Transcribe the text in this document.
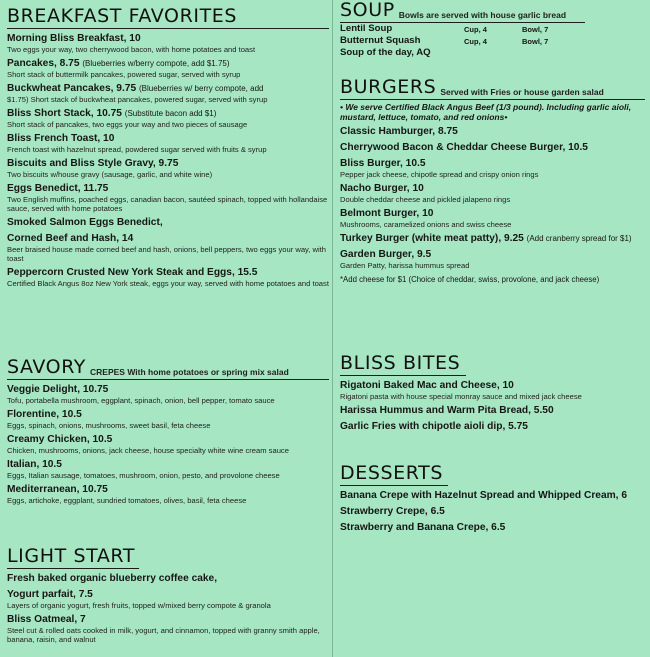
BREAKFAST FAVORITES
Morning Bliss Breakfast, 10
Two eggs your way, two cherrywood bacon, with home potatoes and toast
Pancakes, 8.75 (Blueberries w/berry compote, add $1.75)
Short stack of buttermilk pancakes, powered sugar, served with syrup
Buckwheat Pancakes, 9.75 (Blueberries w/ berry compote, add
$1.75) Short stack of buckwheat pancakes, powered sugar, served with syrup
Bliss Short Stack, 10.75 (Substitute bacon add $1)
Short stack of pancakes, two eggs your way and two pieces of sausage
Bliss French Toast, 10
French toast with hazelnut spread, powdered sugar served with fruits & syrup
Biscuits and Bliss Style Gravy, 9.75
Two biscuits w/house gravy (sausage, garlic, and white wine)
Eggs Benedict, 11.75
Two English muffins, poached eggs, canadian bacon, sautéed spinach, topped with hollandaise sauce, served with home potatoes
Smoked Salmon Eggs Benedict,
Corned Beef and Hash, 14
Beer braised house made corned beef and hash, onions, bell peppers, two eggs your way, with toast
Peppercorn Crusted New York Steak and Eggs, 15.5
Certified Black Angus 8oz New York steak, eggs your way, served with home potatoes and toast
SAVORY CREPES With home potatoes or spring mix salad
Veggie Delight, 10.75
Tofu, portabella mushroom, eggplant, spinach, onion, bell pepper, tomato sauce
Florentine, 10.5
Eggs, spinach, onions, mushrooms, sweet basil, feta cheese
Creamy Chicken, 10.5
Chicken, mushrooms, onions, jack cheese, house specialty white wine cream sauce
Italian, 10.5
Eggs, Italian sausage, tomatoes, mushroom, onion, pesto, and provolone cheese
Mediterranean, 10.75
Eggs, artichoke, eggplant, sundried tomatoes, olives, basil, feta cheese
LIGHT START
Fresh baked organic blueberry coffee cake,
Yogurt parfait, 7.5
Layers of organic yogurt, fresh fruits, topped w/mixed berry compote & granola
Bliss Oatmeal, 7
Steel cut & rolled oats cooked in milk, yogurt, and cinnamon, topped with granny smith apple, banana, raisin, and walnut
SOUP Bowls are served with house garlic bread
Lentil Soup	Cup, 4	Bowl, 7
Butternut Squash	Cup, 4	Bowl, 7
Soup of the day, AQ
BURGERS Served with Fries or house garden salad
• We serve Certified Black Angus Beef (1/3 pound). Including garlic aioli, mustard, lettuce, tomato, and red onions•
Classic Hamburger, 8.75
Cherrywood Bacon & Cheddar Cheese Burger, 10.5
Bliss Burger, 10.5
Pepper jack cheese, chipotle spread and crispy onion rings
Nacho Burger, 10
Double cheddar cheese and pickled jalapeno rings
Belmont Burger, 10
Mushrooms, caramelized onions and swiss cheese
Turkey Burger (white meat patty), 9.25 (Add cranberry spread for $1)
Garden Burger, 9.5
Garden Patty, harissa hummus spread
*Add cheese for $1 (Choice of cheddar, swiss, provolone, and jack cheese)
BLISS BITES
Rigatoni Baked Mac and Cheese, 10
Rigatoni pasta with house special monray sauce and mixed jack cheese
Harissa Hummus and Warm Pita Bread, 5.50
Garlic Fries with chipotle aioli dip, 5.75
DESSERTS
Banana Crepe with Hazelnut Spread and Whipped Cream, 6
Strawberry Crepe, 6.5
Strawberry and Banana Crepe, 6.5
